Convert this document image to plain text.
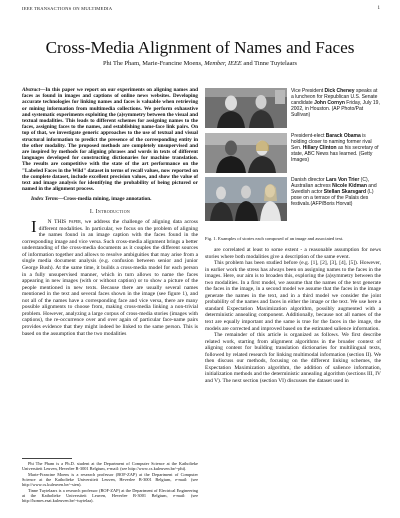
IEEE TRANSACTIONS ON MULTIMEDIA	1
Cross-Media Alignment of Names and Faces
Phi The Pham, Marie-Francine Moens, Member, IEEE and Tinne Tuytelaars

Abstract—In this paper we report on our experiments on aligning names and faces as found in images and captions of online news websites. Developing accurate technologies for linking names and faces is valuable when retrieving or mining information from multimedia collections. We perform exhaustive and systematic experiments exploiting the (a)symmetry between the visual and textual modalities. This leads to different schemes for assigning names to the faces, assigning faces to the names, and establishing name-face link pairs. On top of that, we investigate generic approaches to the use of textual and visual structural information to predict the presence of the corresponding entity in the other modality. The proposed methods are completely unsupervised and are inspired by methods for aligning phrases and words in texts of different languages developed for constructing dictionaries for machine translation. The results are competitive with the state of the art performance on the "Labeled Faces in the Wild" dataset in terms of recall values, now reported on the complete dataset, include excellent precision values, and show the value of text and image analysis for identifying the probability of being pictured or named in the alignment process.

Index Terms—Cross-media mining, image annotation.

I. Introduction

I N THIS paper, we address the challenge of aligning data across different modalities. In particular, we focus on the problem of aligning the names found in an image caption with the faces found in the corresponding image and vice versa. Such cross-media alignment brings a better understanding of the cross-media documents as it couples the different sources of information together and allows to resolve ambiguities that may arise from a single media document analysis (e.g. confusion between senior and junior George Bush). At the same time, it builds a cross-media model for each person in a fully unsupervised manner, which in turn allows to name the faces appearing in new images (with or without caption) or to show a picture of the people mentioned in new texts. Because there are usually several names mentioned in the text and several faces shown in the image (see figure 1), and not all of the names have a corresponding face and vice versa, there are many possible alignments to choose from, making cross-media linking a non-trivial problem. However, analyzing a large corpus of cross-media stories (images with captions), the re-occurrence over and over again of particular face-name pairs provides evidence that they might indeed be linked to the same person. This is based on the assumption that the two modalities

Phi The Pham is a Ph.D. student at the Department of Computer Science at the Katholieke Universiteit Leuven, Heverlee B-3001 Belgium, e-mail: (see http://www.cs.kuleuven.be/~phi).

Marie-Francine Moens is a research professor (BOF-ZAP) at the Department of Computer Science at the Katholieke Universiteit Leuven, Heverlee B-3001 Belgium, e-mail: (see http://www.cs.kuleuven.be/~sien).

Tinne Tuytelaars is a research professor (BOF-ZAP) at the Department of Electrical Engineering at the Katholieke Universiteit Leuven, Heverlee B-3001 Belgium, e-mail: (see http://homes.esat.kuleuven.be/~tuytelaa).

Vice President Dick Cheney speaks at a luncheon for Republican U.S. Senate candidate John Cornyn Friday, July 19, 2002, in Houston. (AP Photo/Pat Sullivan)
President-elect Barack Obama is holding closer to naming former rival Sen. Hillary Clinton as his secretary of state, ABC News has learned. (Getty Images)
Danish director Lars Von Trier (C), Australian actress Nicole Kidman and Swedish actor Stellan Skarsgard (L) pose on a terrace of the Palais des festivals.(AFP/Boris Horvat)
Fig. 1. Examples of stories each composed of an image and associated text.

are correlated at least to some extent - a reasonable assumption for news stories where both modalities give a description of the same event.

This problem has been studied before (e.g. [1], [2], [3], [4], [5]). However, in earlier work the stress has always been on assigning names to the faces in the images. Here, our aim is to broaden this, exploring the (a)symmetry between the two modalities. In a first model, we assume that the names of the text generate the faces in the image, in a second model we assume that the faces in the image generate the names in the text, and in a third model we consider the joint probability of the names and faces in either the image or the text. We use here a standard Expectation Maximization algorithm, possibly augmented with a deterministic annealing component. Additionally, because not all names of the text are equally important and the same is true for the faces in the image, the models are corrected and improved based on the estimated salience information.

The remainder of this article is organized as follows. We first describe related work, starting from alignment algorithms in the broader context of aligning content for building translation dictionaries for multilingual texts, followed by related research for linking multimodal information (section II). We then discuss our methods, focusing on the different linking schemes, the Expectation Maximization algorithm, the addition of salience information, initialization methods and the deterministic annealing algorithm (sections III, IV and V). The next section (section VI) discusses the dataset used in
